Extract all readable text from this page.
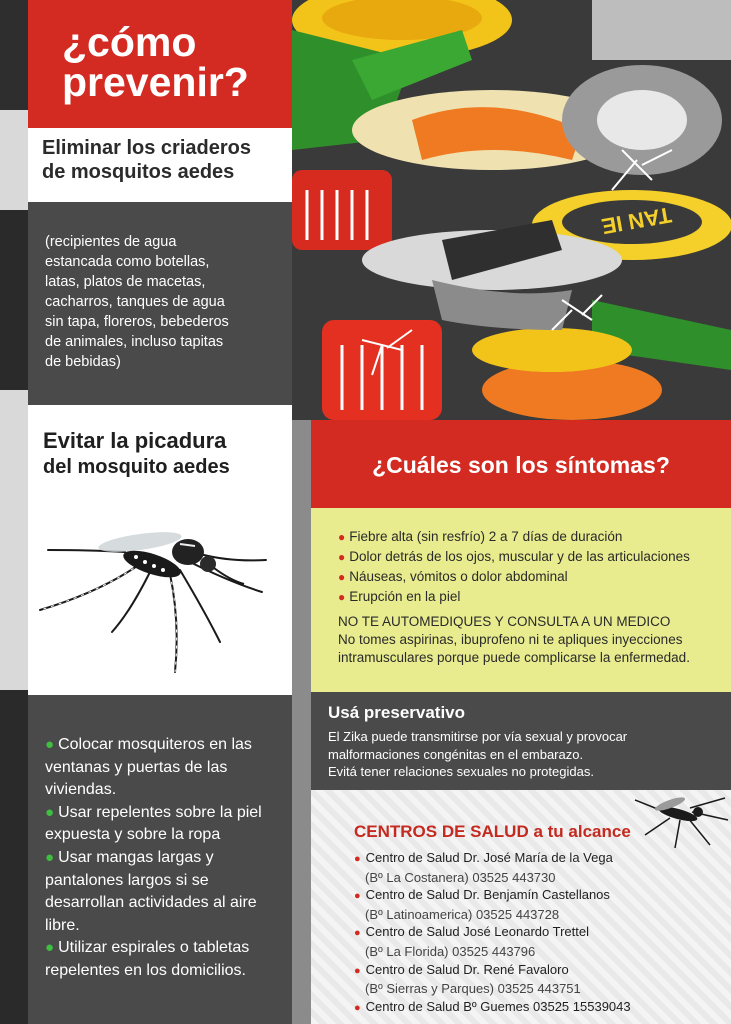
¿cómo prevenir?
Eliminar los criaderos
de mosquitos aedes
(recipientes de agua
estancada como botellas,
latas, platos de macetas,
cacharros, tanques de agua
sin tapa, floreros, bebederos
de animales, incluso tapitas
de bebidas)
Evitar la picadura
del mosquito aedes
● Colocar mosquiteros en las ventanas y puertas de las viviendas.
● Usar repelentes sobre la piel expuesta y sobre la ropa
● Usar mangas largas y pantalones largos si se desarrollan actividades al aire libre.
● Utilizar espirales o tabletas repelentes en los domicilios.
TAN IE
¿Cuáles son los síntomas?
● Fiebre alta (sin resfrío) 2 a 7 días de duración
● Dolor detrás de los ojos, muscular y de las articulaciones
● Náuseas, vómitos o dolor abdominal
● Erupción en la piel
NO TE AUTOMEDIQUES Y CONSULTA A UN MEDICO
No tomes aspirinas, ibuprofeno ni te apliques inyecciones
intramusculares porque puede complicarse la enfermedad.
Usá preservativo
El Zika puede transmitirse por vía sexual y provocar
malformaciones congénitas en el embarazo.
Evitá tener relaciones sexuales no protegidas.
CENTROS DE SALUD a tu alcance
● Centro de Salud Dr. José María de la Vega
(Bº La Costanera) 03525 443730
● Centro de Salud Dr. Benjamín Castellanos
(Bº Latinoamerica) 03525 443728
● Centro de Salud José Leonardo Trettel
(Bº La Florida) 03525 443796
● Centro de Salud Dr. René Favaloro
(Bº Sierras y Parques) 03525 443751
● Centro de Salud Bº Guemes 03525 15539043
